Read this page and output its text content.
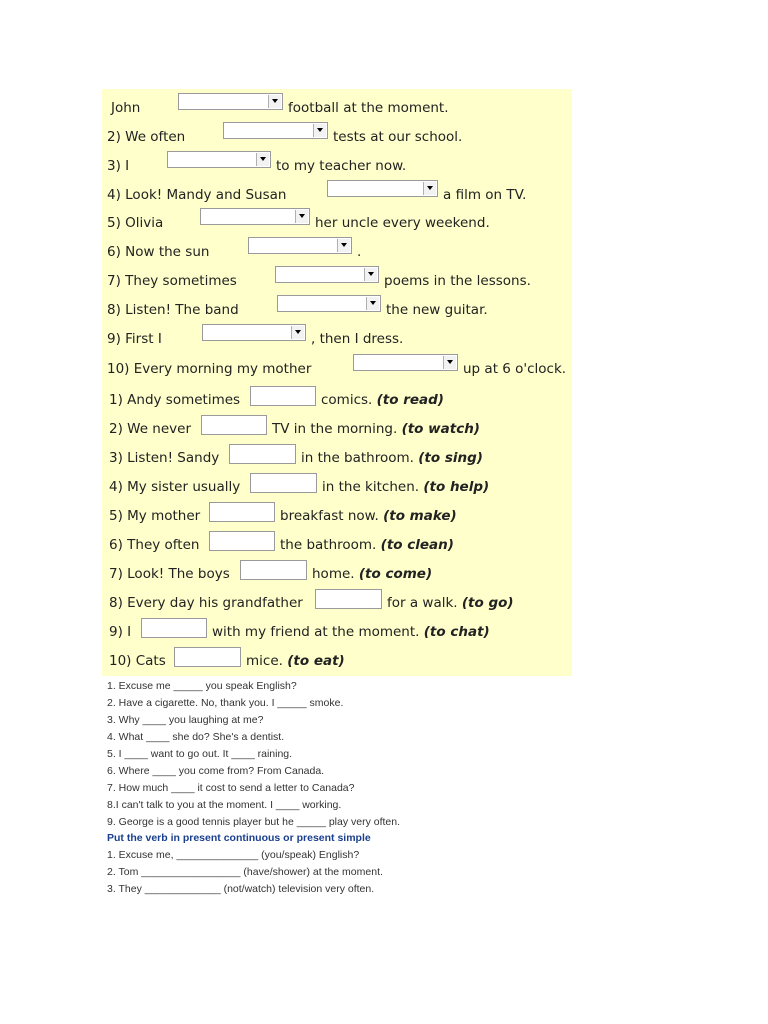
John	football at the moment.
2) We often	tests at our school.
3) I	to my teacher now.
4) Look! Mandy and Susan	a film on TV.
5) Olivia	her uncle every weekend.
6) Now the sun	.
7) They sometimes	poems in the lessons.
8) Listen! The band	the new guitar.
9) First I	, then I dress.
10) Every morning my mother	up at 6 o'clock.
1) Andy sometimes	comics. (to read)
2) We never	TV in the morning. (to watch)
3) Listen! Sandy	in the bathroom. (to sing)
4) My sister usually	in the kitchen. (to help)
5) My mother	breakfast now. (to make)
6) They often	the bathroom. (to clean)
7) Look! The boys	home. (to come)
8) Every day his grandfather	for a walk. (to go)
9) I	with my friend at the moment. (to chat)
10) Cats	mice. (to eat)
1. Excuse me _____ you speak English?
2. Have a cigarette. No, thank you. I _____ smoke.
3. Why ____ you laughing at me?
4. What ____ she do? She's a dentist.
5. I ____ want to go out. It ____ raining.
6. Where ____ you come from? From Canada.
7. How much ____ it cost to send a letter to Canada?
8.I can't talk to you at the moment. I ____ working.
9. George is a good tennis player but he _____ play very often.
Put the verb in present continuous or present simple
1. Excuse me, ______________ (you/speak) English?
2. Tom _________________ (have/shower) at the moment.
3. They _____________ (not/watch) television very often.
